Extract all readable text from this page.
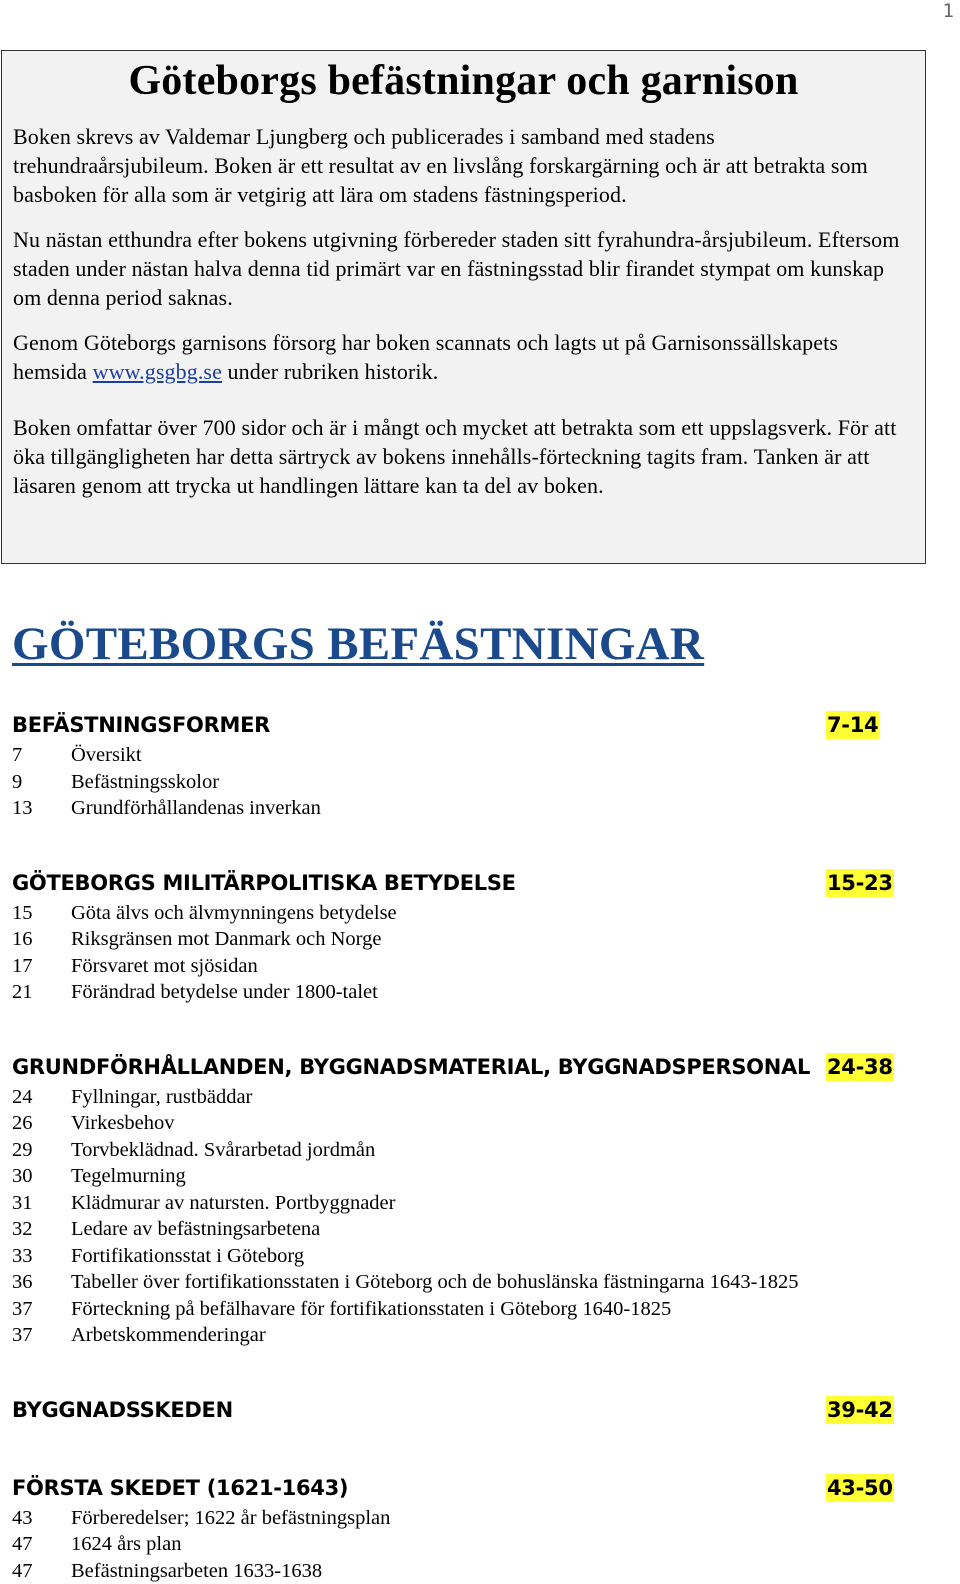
1
Göteborgs befästningar och garnison

Boken skrevs av Valdemar Ljungberg och publicerades i samband med stadens trehundraårsjubileum. Boken är ett resultat av en livslång forskargärning och är att betrakta som basboken för alla som är vetgirig att lära om stadens fästningsperiod.

Nu nästan etthundra efter bokens utgivning förbereder staden sitt fyrahundra-årsjubileum. Eftersom staden under nästan halva denna tid primärt var en fästningsstad blir firandet stympat om kunskap om denna period saknas.

Genom Göteborgs garnisons försorg har boken scannats och lagts ut på Garnisonssällskapets hemsida www.gsgbg.se under rubriken historik.

Boken omfattar över 700 sidor och är i mångt och mycket att betrakta som ett uppslagsverk. För att öka tillgängligheten har detta särtryck av bokens innehålls-förteckning tagits fram. Tanken är att läsaren genom att trycka ut handlingen lättare kan ta del av boken.

GÖTEBORGS BEFÄSTNINGAR
BEFÄSTNINGSFORMER	7-14
7 Översikt
9 Befästningsskolor
13 Grundförhållandenas inverkan
GÖTEBORGS MILITÄRPOLITISKA BETYDELSE	15-23
15 Göta älvs och älvmynningens betydelse
16 Riksgränsen mot Danmark och Norge
17 Försvaret mot sjösidan
21 Förändrad betydelse under 1800-talet
GRUNDFÖRHÅLLANDEN, BYGGNADSMATERIAL, BYGGNADSPERSONAL 24-38
24 Fyllningar, rustbäddar
26 Virkesbehov
29 Torvbeklädnad. Svårarbetad jordmån
30 Tegelmurning
31 Klädmurar av natursten. Portbyggnader
32 Ledare av befästningsarbetena
33 Fortifikationsstat i Göteborg
36 Tabeller över fortifikationsstaten i Göteborg och de bohuslänska fästningarna 1643-1825
37 Förteckning på befälhavare för fortifikationsstaten i Göteborg 1640-1825
37 Arbetskommenderingar
BYGGNADSSKEDEN	39-42
FÖRSTA SKEDET (1621-1643)	43-50
43 Förberedelser; 1622 år befästningsplan
47 1624 års plan
47 Befästningsarbeten 1633-1638
